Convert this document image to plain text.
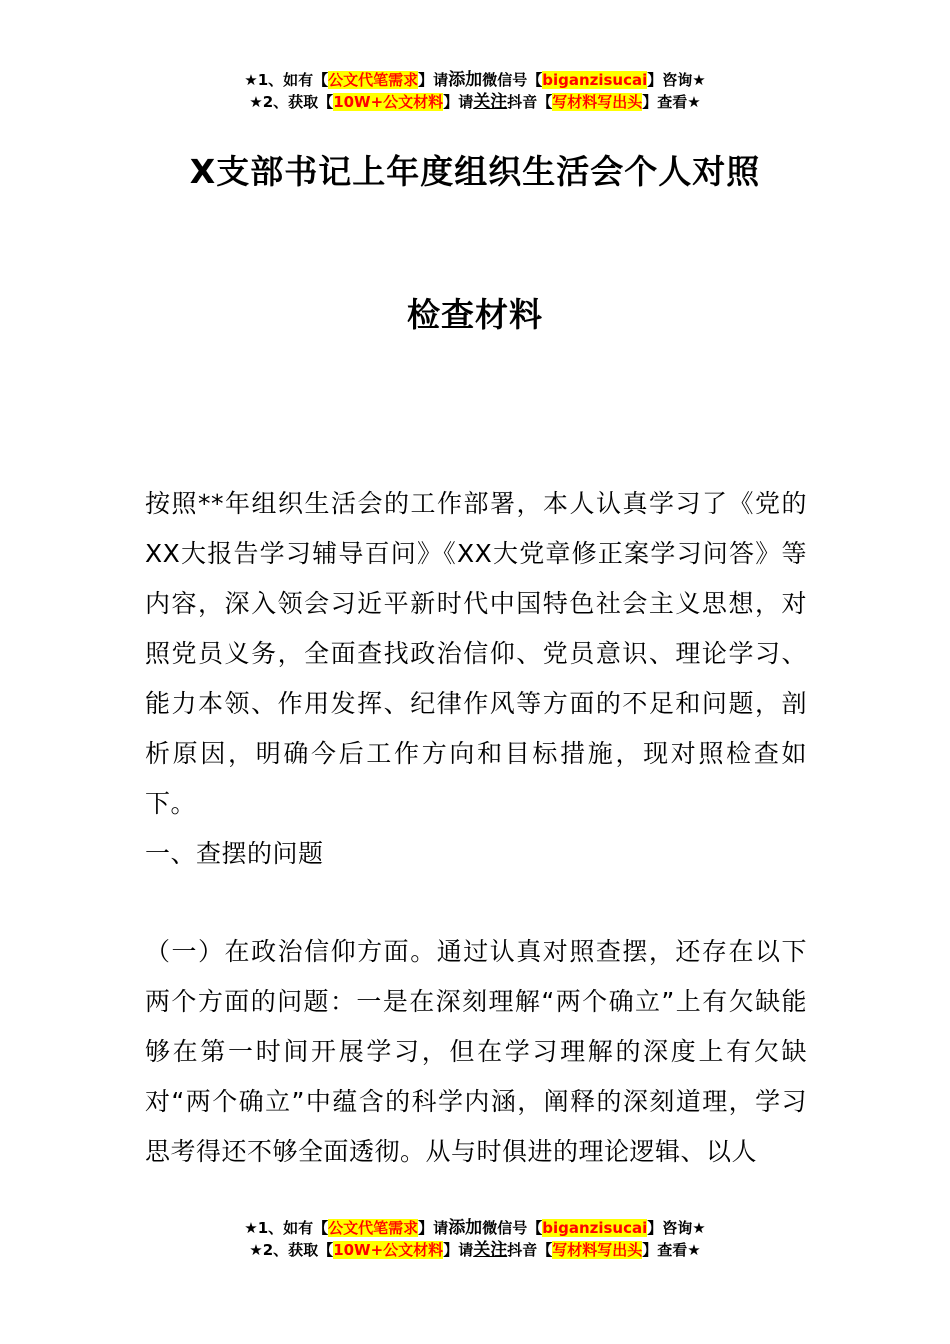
★1、如有【公文代笔需求】请添加微信号【biganzisucai】咨询★
★2、获取【10W+公文材料】请关注抖音【写材料写出头】查看★
X支部书记上年度组织生活会个人对照
检查材料
按照**年组织生活会的工作部署，本人认真学习了《党的XX大报告学习辅导百问》《XX大党章修正案学习问答》等内容，深入领会习近平新时代中国特色社会主义思想，对照党员义务，全面查找政治信仰、党员意识、理论学习、能力本领、作用发挥、纪律作风等方面的不足和问题，剖析原因，明确今后工作方向和目标措施，现对照检查如下。
一、查摆的问题
（一）在政治信仰方面。通过认真对照查摆，还存在以下两个方面的问题：一是在深刻理解“两个确立”上有欠缺能够在第一时间开展学习，但在学习理解的深度上有欠缺对“两个确立”中蕴含的科学内涵，阐释的深刻道理，学习思考得还不够全面透彻。从与时俱进的理论逻辑、以人
★1、如有【公文代笔需求】请添加微信号【biganzisucai】咨询★
★2、获取【10W+公文材料】请关注抖音【写材料写出头】查看★
